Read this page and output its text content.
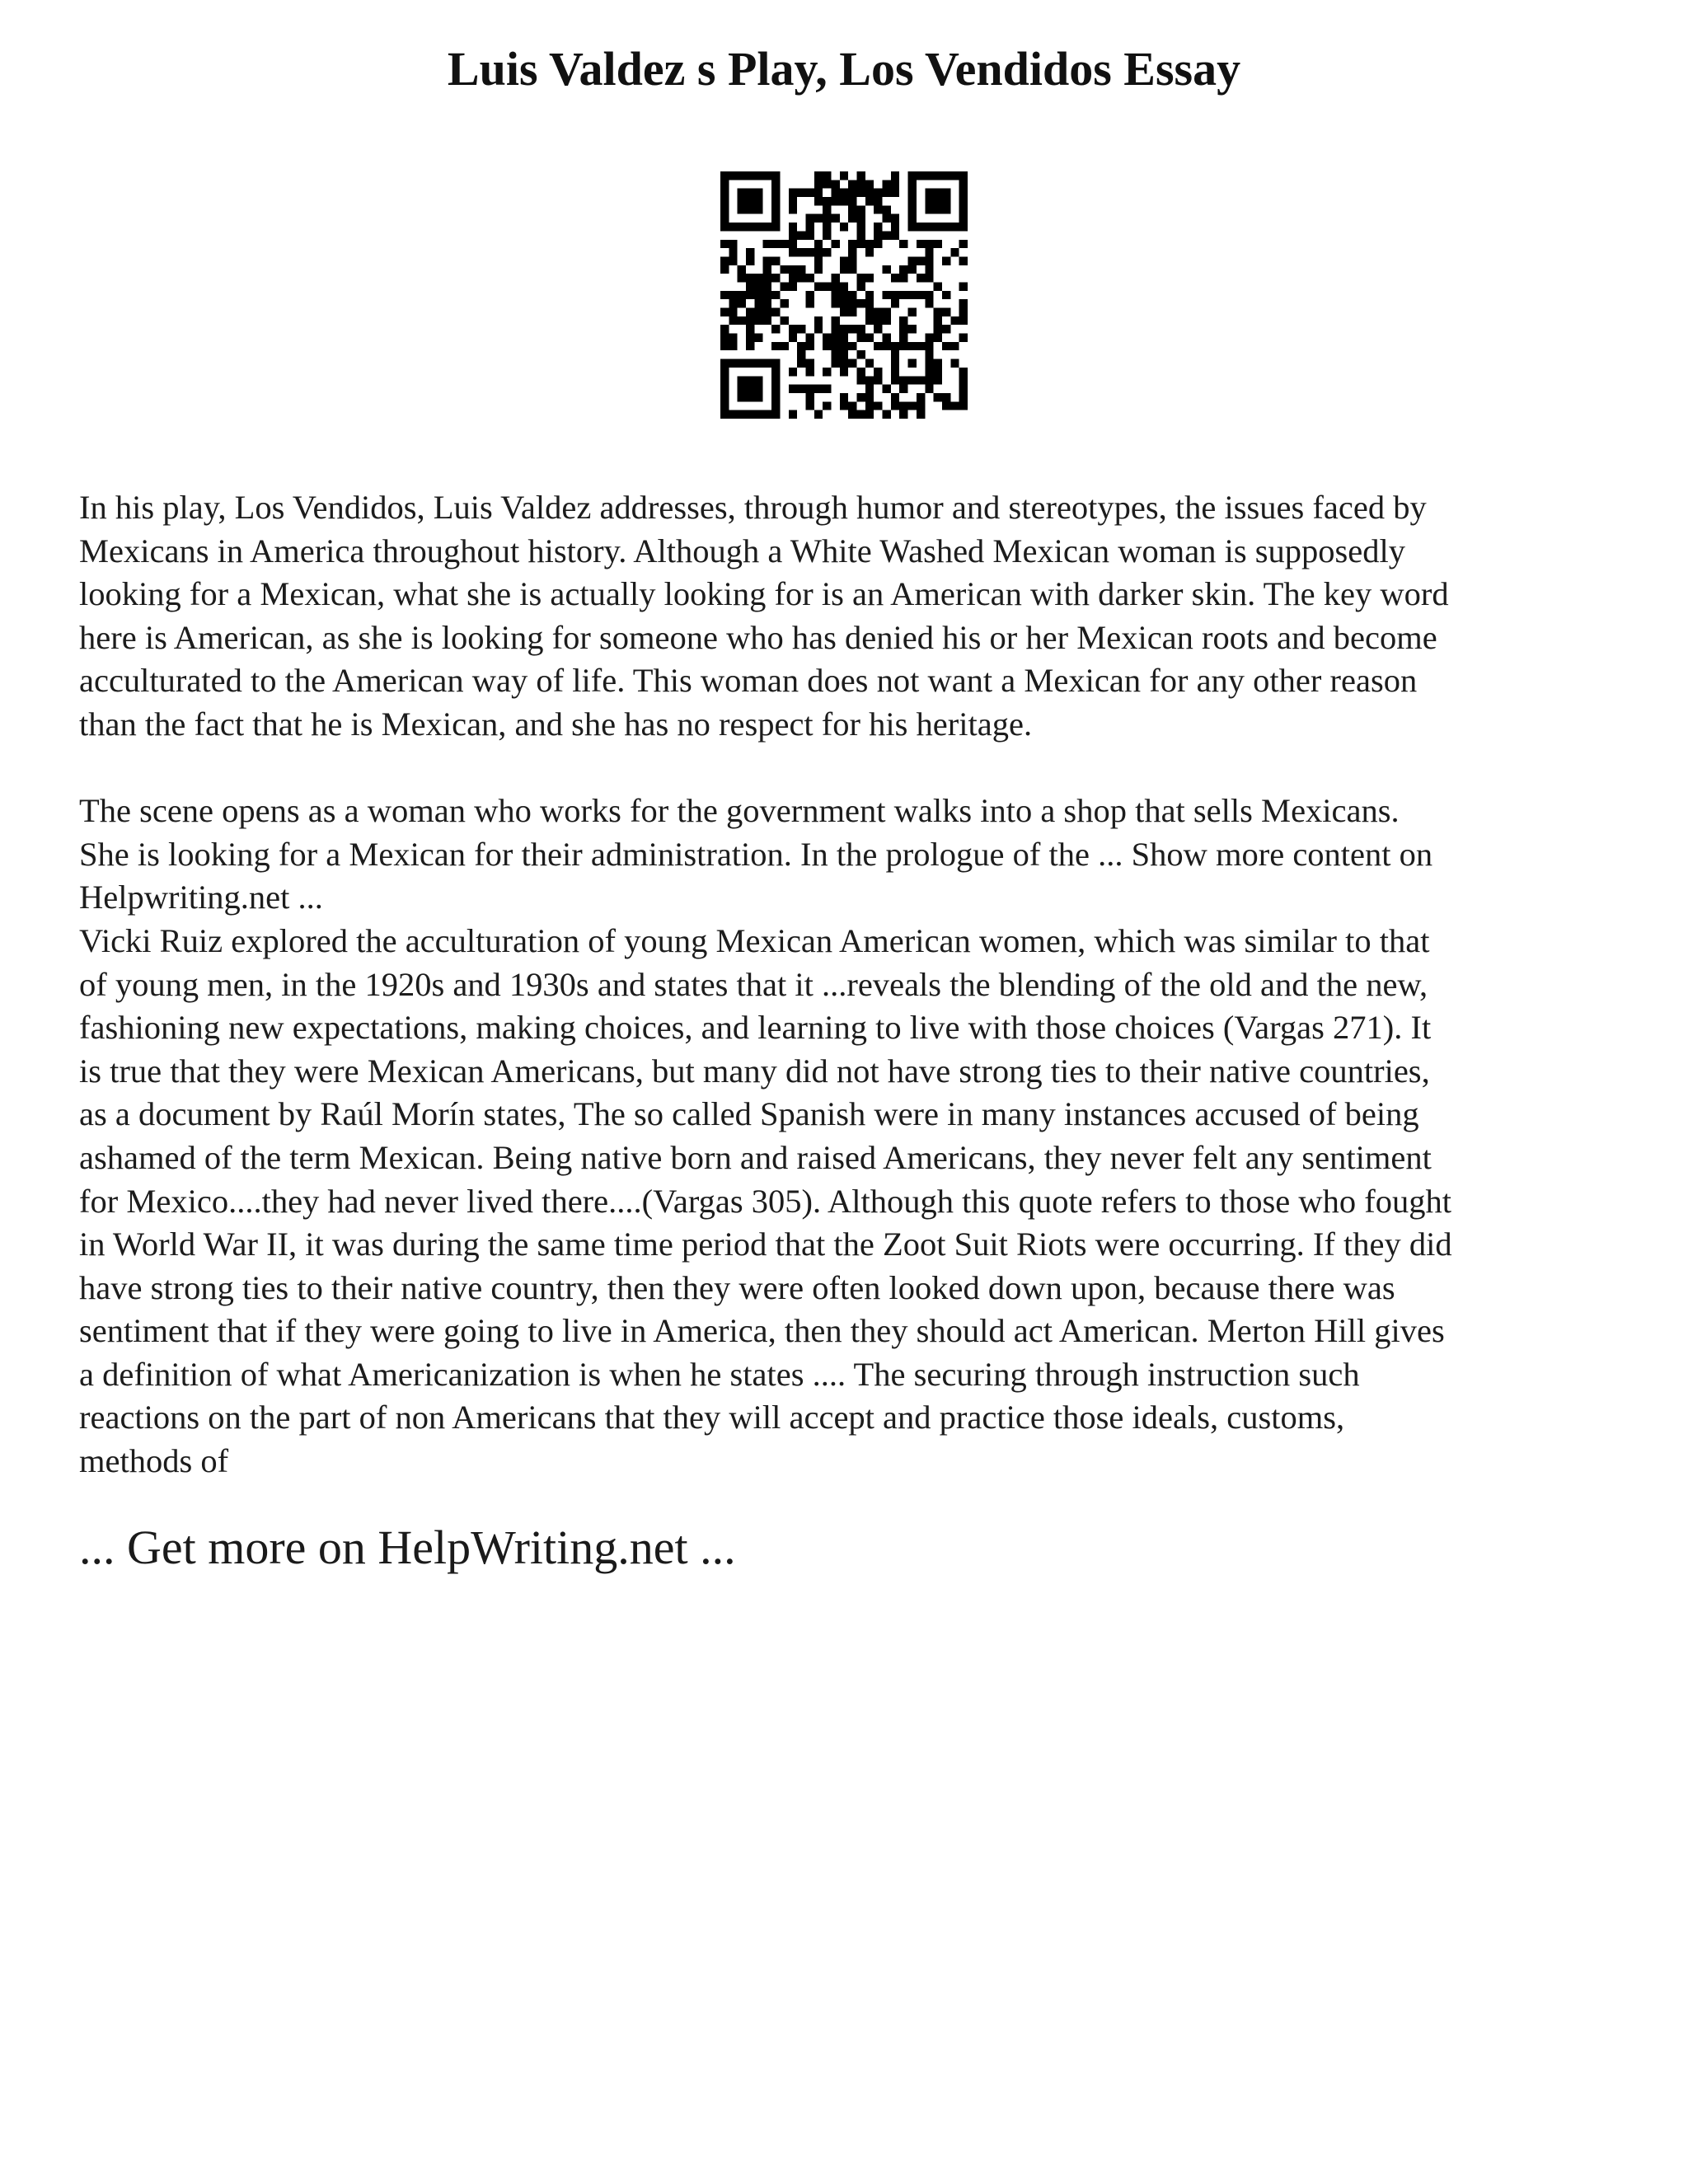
Luis Valdez s Play, Los Vendidos Essay

In his play, Los Vendidos, Luis Valdez addresses, through humor and stereotypes, the issues faced by
Mexicans in America throughout history. Although a White Washed Mexican woman is supposedly
looking for a Mexican, what she is actually looking for is an American with darker skin. The key word
here is American, as she is looking for someone who has denied his or her Mexican roots and become
acculturated to the American way of life. This woman does not want a Mexican for any other reason
than the fact that he is Mexican, and she has no respect for his heritage.

The scene opens as a woman who works for the government walks into a shop that sells Mexicans.
She is looking for a Mexican for their administration. In the prologue of the ... Show more content on
Helpwriting.net ...
Vicki Ruiz explored the acculturation of young Mexican American women, which was similar to that
of young men, in the 1920s and 1930s and states that it ...reveals the blending of the old and the new,
fashioning new expectations, making choices, and learning to live with those choices (Vargas 271). It
is true that they were Mexican Americans, but many did not have strong ties to their native countries,
as a document by Raúl Morín states, The so called Spanish were in many instances accused of being
ashamed of the term Mexican. Being native born and raised Americans, they never felt any sentiment
for Mexico....they had never lived there....(Vargas 305). Although this quote refers to those who fought
in World War II, it was during the same time period that the Zoot Suit Riots were occurring. If they did
have strong ties to their native country, then they were often looked down upon, because there was
sentiment that if they were going to live in America, then they should act American. Merton Hill gives
a definition of what Americanization is when he states .... The securing through instruction such
reactions on the part of non Americans that they will accept and practice those ideals, customs,
methods of

... Get more on HelpWriting.net ...
